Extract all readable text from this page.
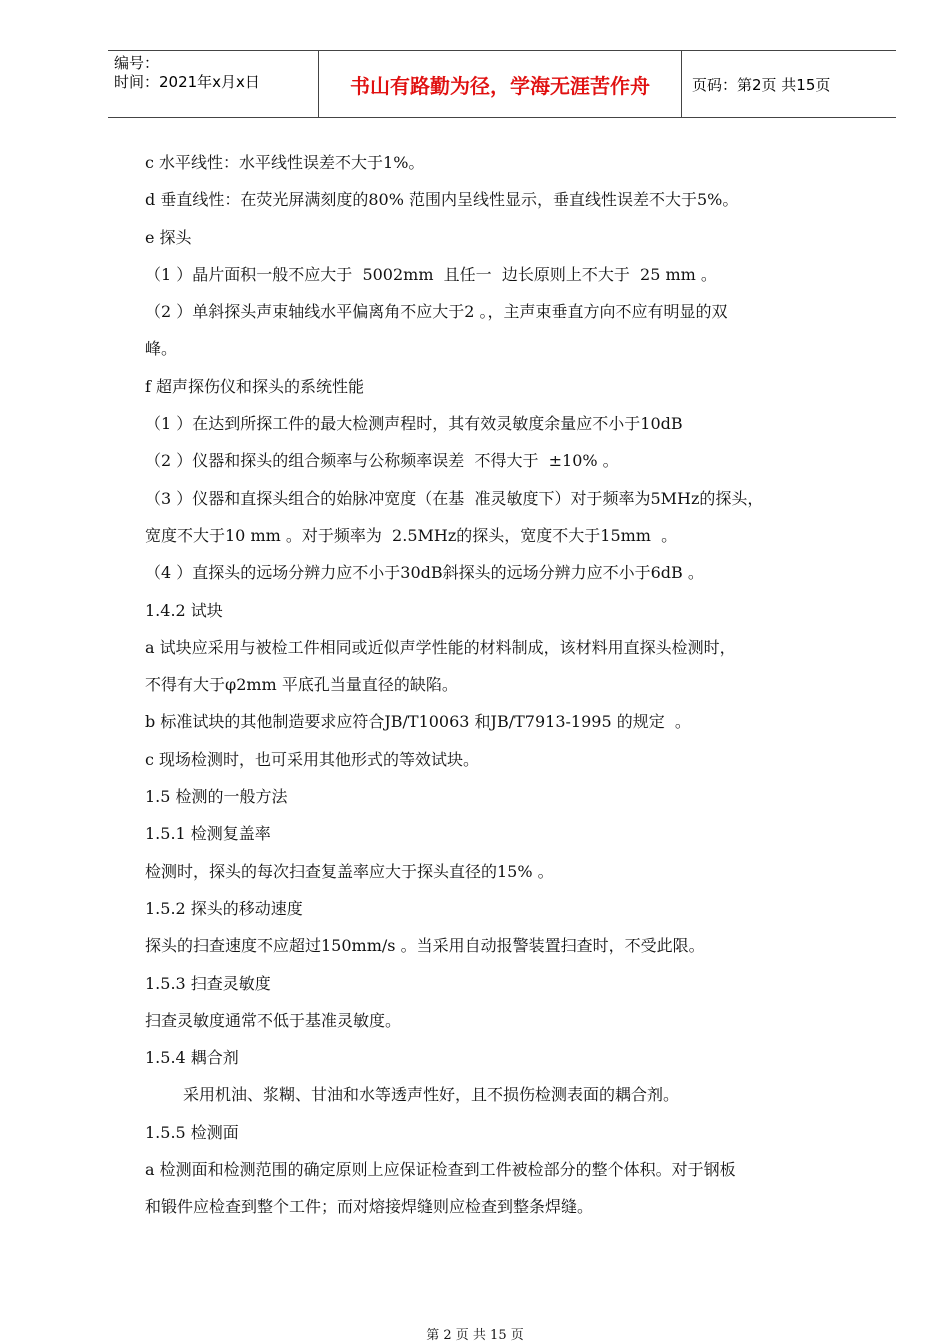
编号：
时间：2021年x月x日	书山有路勤为径，学海无涯苦作舟	页码：第2页 共15页

c 水平线性：水平线性误差不大于1%。

d 垂直线性：在荧光屏满刻度的80% 范围内呈线性显示，垂直线性误差不大于5%。

e 探头

（1 ）晶片面积一般不应大于  5002mm  且任一  边长原则上不大于  25 mm 。

（2 ）单斜探头声束轴线水平偏离角不应大于2 。，主声束垂直方向不应有明显的双

峰。

f 超声探伤仪和探头的系统性能

（1 ）在达到所探工件的最大检测声程时，其有效灵敏度余量应不小于10dB

（2 ）仪器和探头的组合频率与公称频率误差  不得大于  ±10% 。

（3 ）仪器和直探头组合的始脉冲宽度（在基  准灵敏度下）对于频率为5MHz的探头，

宽度不大于10 mm 。对于频率为  2.5MHz的探头，宽度不大于15mm  。

（4 ）直探头的远场分辨力应不小于30dB斜探头的远场分辨力应不小于6dB 。

1.4.2 试块

a 试块应采用与被检工件相同或近似声学性能的材料制成，该材料用直探头检测时，

不得有大于φ2mm 平底孔当量直径的缺陷。

b 标准试块的其他制造要求应符合JB/T10063 和JB/T7913-1995 的规定  。

c 现场检测时，也可采用其他形式的等效试块。

1.5 检测的一般方法

1.5.1 检测复盖率

检测时，探头的每次扫查复盖率应大于探头直径的15% 。

1.5.2 探头的移动速度

探头的扫查速度不应超过150mm/s 。当采用自动报警装置扫查时，不受此限。

1.5.3 扫查灵敏度

扫查灵敏度通常不低于基准灵敏度。

1.5.4 耦合剂

采用机油、浆糊、甘油和水等透声性好，且不损伤检测表面的耦合剂。

1.5.5 检测面

a 检测面和检测范围的确定原则上应保证检查到工件被检部分的整个体积。对于钢板

和锻件应检查到整个工件；而对熔接焊缝则应检查到整条焊缝。

第 2 页 共 15 页
